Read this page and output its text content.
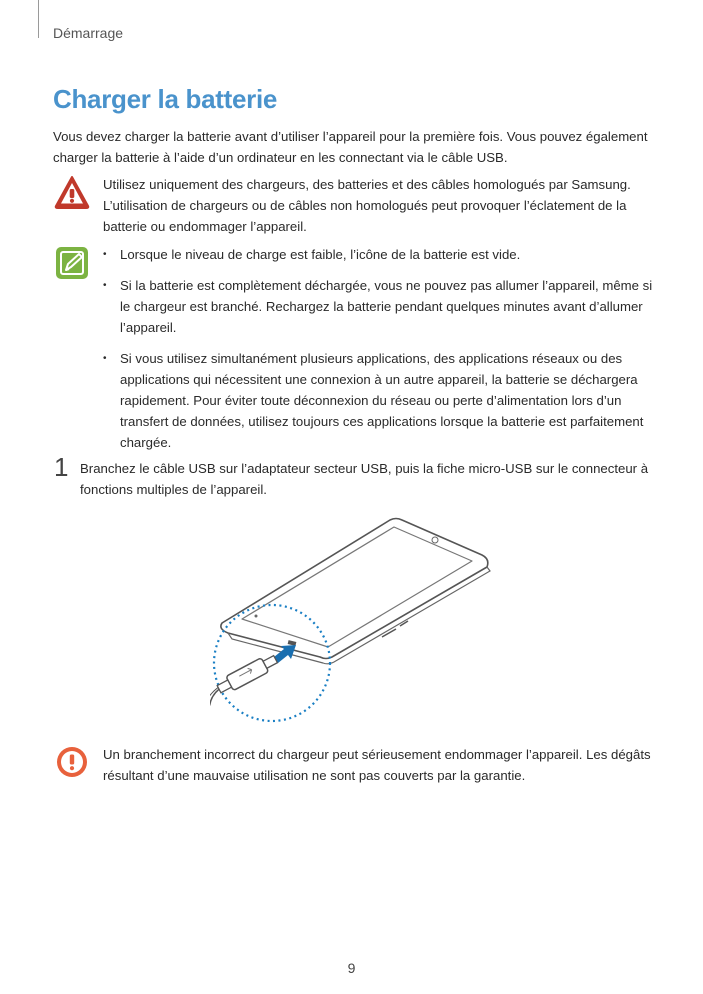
Démarrage
Charger la batterie

Vous devez charger la batterie avant d’utiliser l’appareil pour la première fois. Vous pouvez également charger la batterie à l’aide d’un ordinateur en les connectant via le câble USB.

Utilisez uniquement des chargeurs, des batteries et des câbles homologués par Samsung. L’utilisation de chargeurs ou de câbles non homologués peut provoquer l’éclatement de la batterie ou endommager l’appareil.

• Lorsque le niveau de charge est faible, l’icône de la batterie est vide.
• Si la batterie est complètement déchargée, vous ne pouvez pas allumer l’appareil, même si le chargeur est branché. Rechargez la batterie pendant quelques minutes avant d’allumer l’appareil.
• Si vous utilisez simultanément plusieurs applications, des applications réseaux ou des applications qui nécessitent une connexion à un autre appareil, la batterie se déchargera rapidement. Pour éviter toute déconnexion du réseau ou perte d’alimentation lors d’un transfert de données, utilisez toujours ces applications lorsque la batterie est parfaitement chargée.
1 Branchez le câble USB sur l’adaptateur secteur USB, puis la fiche micro-USB sur le connecteur à fonctions multiples de l’appareil.

Un branchement incorrect du chargeur peut sérieusement endommager l’appareil. Les dégâts résultant d’une mauvaise utilisation ne sont pas couverts par la garantie.

9
